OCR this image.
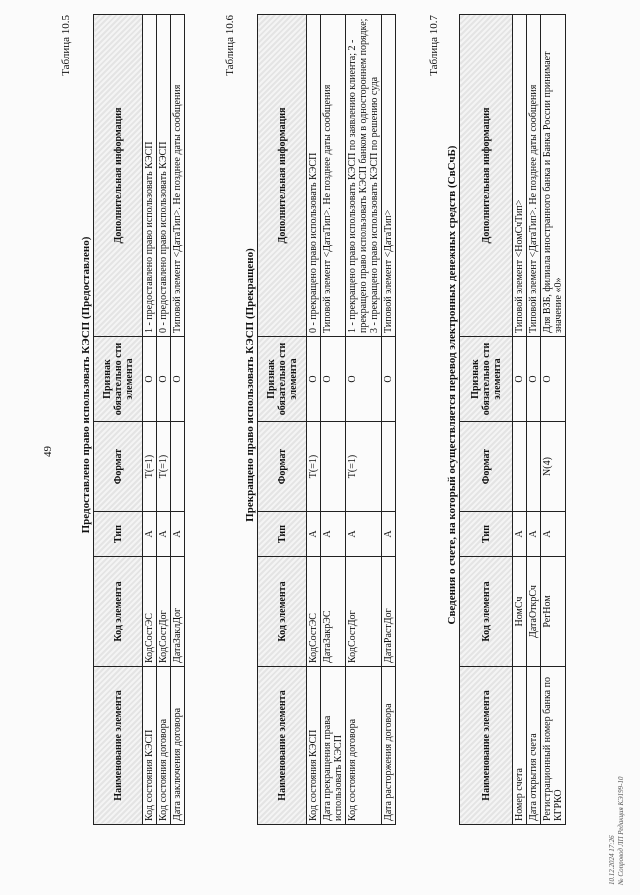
49
Таблица 10.5
Предоставлено право использовать КЭСП (Предоставлено)
Наименование элемента	Код элемента	Тип	Формат	Признак обязательно сти элемента	Дополнительная информация
Код состояния КЭСП	КодСостЭС	А	T(=1)	О	1 - предоставлено право использовать КЭСП
Код состояния договора	КодСостДог	А	T(=1)	О	0 - предоставлено право использовать КЭСП
Дата заключения договора	ДатаЗаклДог	А		О	Типовой элемент <ДатаТип>. Не позднее даты сообщения
Таблица 10.6
Прекращено право использовать КЭСП (Прекращено)
Наименование элемента	Код элемента	Тип	Формат	Признак обязательно сти элемента	Дополнительная информация
Код состояния КЭСП	КодСостЭС	А	T(=1)	О	0 - прекращено право использовать КЭСП
Дата прекращения права использовать КЭСП	ДатаЗакрЭС	А		О	Типовой элемент <ДатаТип>. Не позднее даты сообщения
Код состояния договора	КодСостДог	А	T(=1)	О	1 - прекращено право использовать КЭСП по заявлению клиента; 2 - прекращено право использовать КЭСП банком в одностороннем порядке; 3 - прекращено право использовать КЭСП по решению суда
Дата расторжения договора	ДатаРастДог	А		О	Типовой элемент <ДатаТип>
Таблица 10.7
Сведения о счете, на который осуществляется перевод электронных денежных средств (СвСчБ)
Наименование элемента	Код элемента	Тип	Формат	Признак обязательно сти элемента	Дополнительная информация
Номер счета	НомСч	А		О	Типовой элемент <НомСчТип>
Дата открытия счета	ДатаОткрСч	А		О	Типовой элемент <ДатаТип>. Не позднее даты сообщения
Регистрационный номер банка по КГРКО	РегНом	А	N(4)	О	Для ВЗБ, филиала иностранного банка и Банка России принимает значение «0»
10.12.2024 17:26 № Сопровод ЛП Редакция КЭ199-10
